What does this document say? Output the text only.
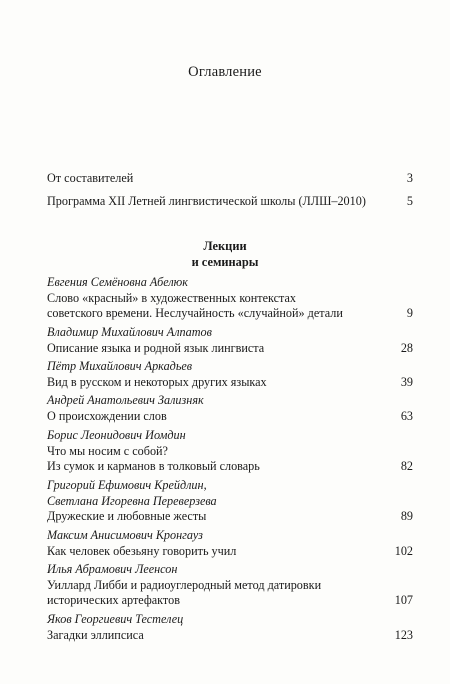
Оглавление
От составителей	3
Программа XII Летней лингвистической школы (ЛЛШ–2010)	5
Лекции
и семинары
Евгения Семёновна Абелюк
Слово «красный» в художественных контекстах
советского времени. Неслучайность «случайной» детали	9
Владимир Михайлович Алпатов
Описание языка и родной язык лингвиста	28
Пётр Михайлович Аркадьев
Вид в русском и некоторых других языках	39
Андрей Анатольевич Зализняк
О происхождении слов	63
Борис Леонидович Иомдин
Что мы носим с собой?
Из сумок и карманов в толковый словарь	82
Григорий Ефимович Крейдлин,
Светлана Игоревна Переверзева
Дружеские и любовные жесты	89
Максим Анисимович Кронгауз
Как человек обезьяну говорить учил	102
Илья Абрамович Леенсон
Уиллард Либби и радиоуглеродный метод датировки
исторических артефактов	107
Яков Георгиевич Тестелец
Загадки эллипсиса	123
